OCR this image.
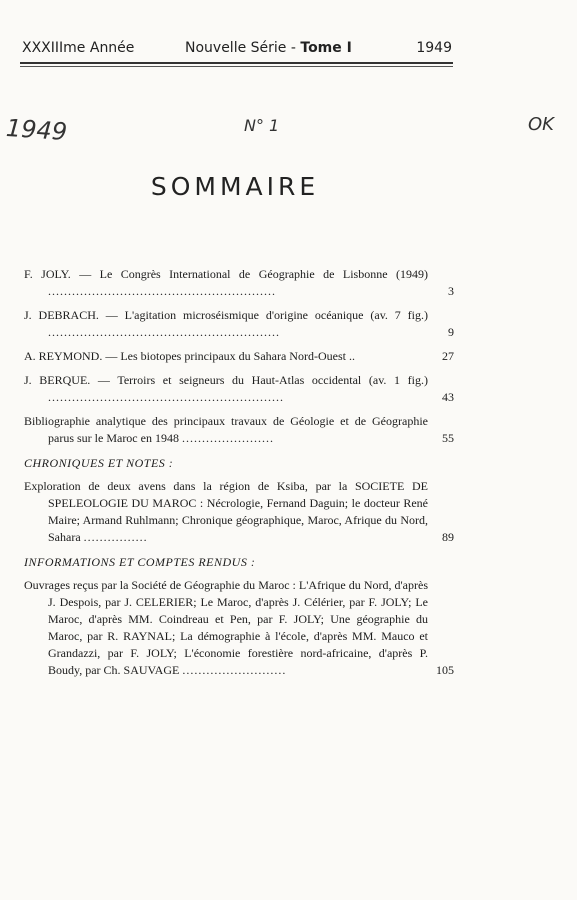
XXXIIIme Année	Nouvelle Série - Tome I	1949
1949	N° 1	OK
SOMMAIRE
F. JOLY. — Le Congrès International de Géographie de Lisbonne (1949) .........................................................	3
J. DEBRACH. — L'agitation microséismique d'origine océanique (av. 7 fig.) ..........................................................	9
A. REYMOND. — Les biotopes principaux du Sahara Nord-Ouest ..	27
J. BERQUE. — Terroirs et seigneurs du Haut-Atlas occidental (av. 1 fig.) ...........................................................	43
Bibliographie analytique des principaux travaux de Géologie et de Géographie parus sur le Maroc en 1948 .......................	55
CHRONIQUES ET NOTES :
Exploration de deux avens dans la région de Ksiba, par la SOCIETE DE SPELEOLOGIE DU MAROC : Nécrologie, Fernand Daguin; le docteur René Maire; Armand Ruhlmann; Chronique géographique, Maroc, Afrique du Nord, Sahara ................	89
INFORMATIONS ET COMPTES RENDUS :
Ouvrages reçus par la Société de Géographie du Maroc : L'Afrique du Nord, d'après J. Despois, par J. CELERIER; Le Maroc, d'après J. Célérier, par F. JOLY; Le Maroc, d'après MM. Coindreau et Pen, par F. JOLY; Une géographie du Maroc, par R. RAYNAL; La démographie à l'école, d'après MM. Mauco et Grandazzi, par F. JOLY; L'économie forestière nord-africaine, d'après P. Boudy, par Ch. SAUVAGE ..........................	105
